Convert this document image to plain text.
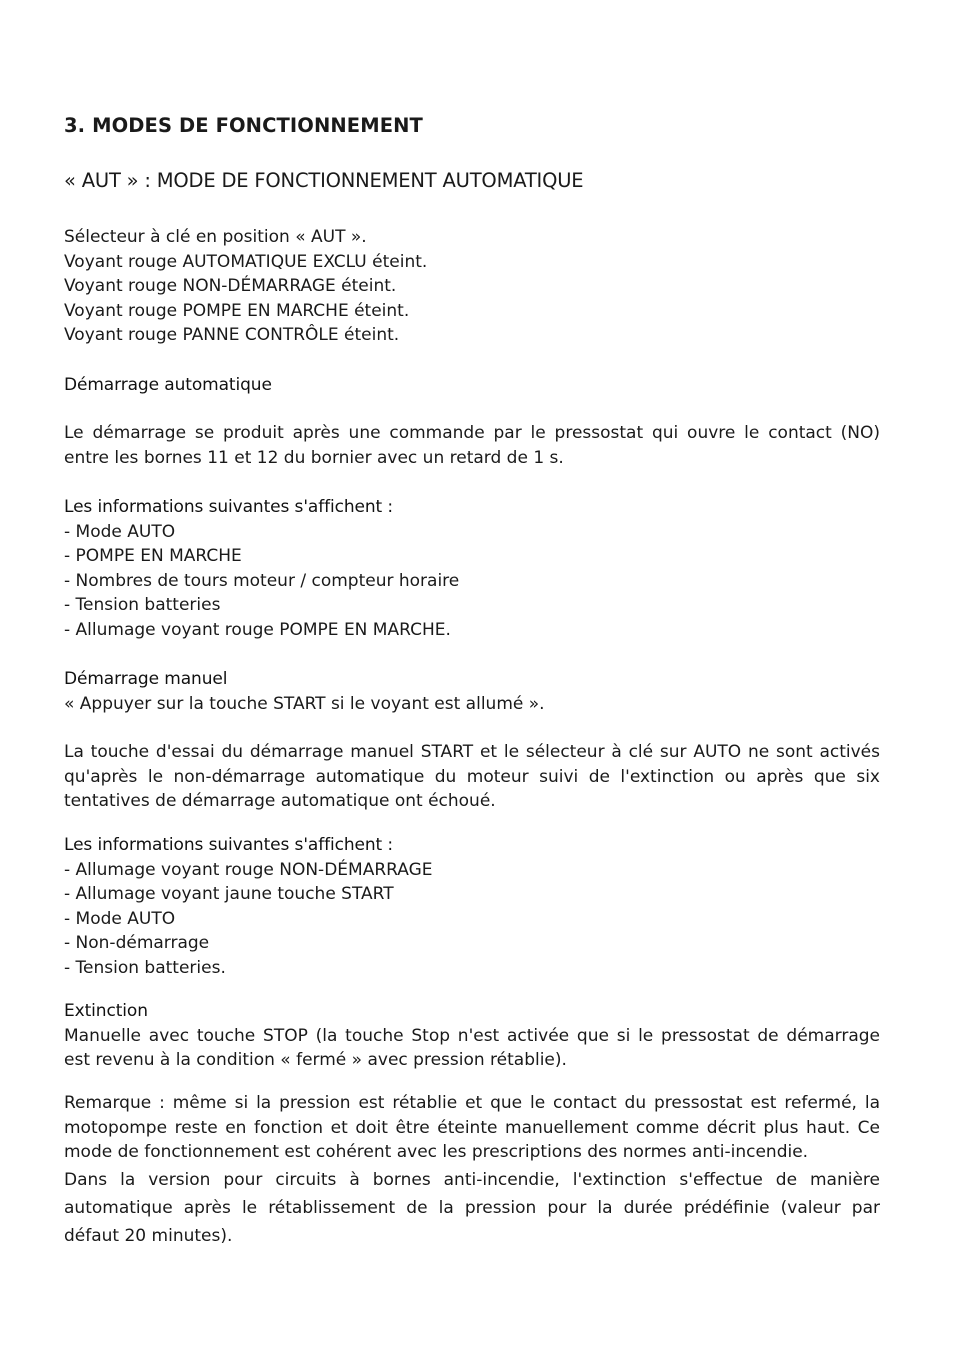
3. MODES DE FONCTIONNEMENT
« AUT » : MODE DE FONCTIONNEMENT AUTOMATIQUE
Sélecteur à clé en position « AUT ».
Voyant rouge AUTOMATIQUE EXCLU éteint.
Voyant rouge NON-DÉMARRAGE éteint.
Voyant rouge POMPE EN MARCHE éteint.
Voyant rouge PANNE CONTRÔLE éteint.
Démarrage automatique
Le démarrage se produit après une commande par le pressostat qui ouvre le contact (NO)
entre les bornes 11 et 12 du bornier avec un retard de 1 s.
Les informations suivantes s'affichent :
- Mode AUTO
- POMPE EN MARCHE
- Nombres de tours moteur / compteur horaire
- Tension batteries
- Allumage voyant rouge POMPE EN MARCHE.
Démarrage manuel
« Appuyer sur la touche START si le voyant est allumé ».
La touche d'essai du démarrage manuel START et le sélecteur à clé sur AUTO ne sont activés
qu'après le non-démarrage automatique du moteur suivi de l'extinction ou après que six
tentatives de démarrage automatique ont échoué.
Les informations suivantes s'affichent :
- Allumage voyant rouge NON-DÉMARRAGE
- Allumage voyant jaune touche START
- Mode AUTO
- Non-démarrage
- Tension batteries.
Extinction
Manuelle avec touche STOP (la touche Stop n'est activée que si le pressostat de démarrage
est revenu à la condition « fermé » avec pression rétablie).
Remarque : même si la pression est rétablie et que le contact du pressostat est refermé, la
motopompe reste en fonction et doit être éteinte manuellement comme décrit plus haut. Ce
mode de fonctionnement est cohérent avec les prescriptions des normes anti-incendie.
Dans la version pour circuits à bornes anti-incendie, l'extinction s'effectue de manière
automatique après le rétablissement de la pression pour la durée prédéfinie (valeur par
défaut 20 minutes).
